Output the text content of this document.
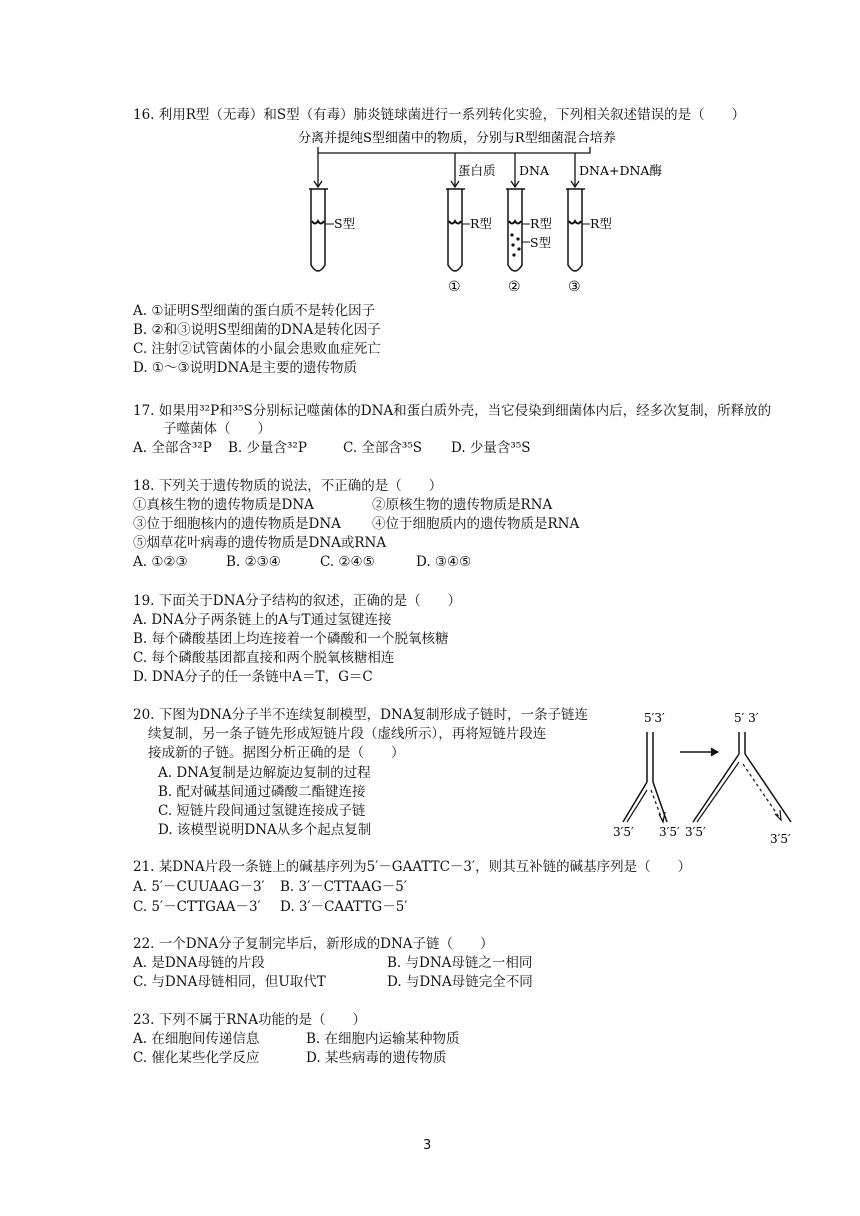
16. 利用R型（无毒）和S型（有毒）肺炎链球菌进行一系列转化实验，下列相关叙述错误的是（　　）
分离并提纯S型细菌中的物质，分别与R型细菌混合培养
蛋白质 DNA DNA+DNA酶
S型	R型	R型
S型
R型
①	②	③
A. ①证明S型细菌的蛋白质不是转化因子
B. ②和③说明S型细菌的DNA是转化因子
C. 注射②试管菌体的小鼠会患败血症死亡
D. ①～③说明DNA是主要的遗传物质
17. 如果用³²P和³⁵S分别标记噬菌体的DNA和蛋白质外壳，当它侵染到细菌体内后，经多次复制，所释放的
子噬菌体（　　）
A. 全部含³²P B. 少量含³²P	C. 全部含³⁵S D. 少量含³⁵S
18. 下列关于遗传物质的说法，不正确的是（　　）
①真核生物的遗传物质是DNA	②原核生物的遗传物质是RNA
③位于细胞核内的遗传物质是DNA ④位于细胞质内的遗传物质是RNA
⑤烟草花叶病毒的遗传物质是DNA或RNA
A. ①②③	B. ②③④	C. ②④⑤	D. ③④⑤
19. 下面关于DNA分子结构的叙述，正确的是（　　）
A. DNA分子两条链上的A与T通过氢键连接
B. 每个磷酸基团上均连接着一个磷酸和一个脱氧核糖
C. 每个磷酸基团都直接和两个脱氧核糖相连
D. DNA分子的任一条链中A＝T，G＝C
20. 下图为DNA分子半不连续复制模型，DNA复制形成子链时，一条子链连
续复制，另一条子链先形成短链片段（虚线所示），再将短链片段连
接成新的子链。据图分析正确的是（　　）
A. DNA复制是边解旋边复制的过程
B. 配对碱基间通过磷酸二酯键连接
C. 短链片段间通过氢键连接成子链
D. 该模型说明DNA从多个起点复制
5′3′	5′ 3′
3′5′ 3′5′ 3′5′	3′5′
21. 某DNA片段一条链上的碱基序列为5′－GAATTC－3′，则其互补链的碱基序列是（　　）
A. 5′－CUUAAG－3′ B. 3′－CTTAAG－5′
C. 5′－CTTGAA－3′ D. 3′－CAATTG－5′
22. 一个DNA分子复制完毕后，新形成的DNA子链（　　）
A. 是DNA母链的片段	B. 与DNA母链之一相同
C. 与DNA母链相同，但U取代T	D. 与DNA母链完全不同
23. 下列不属于RNA功能的是（　　）
A. 在细胞间传递信息	B. 在细胞内运输某种物质
C. 催化某些化学反应	D. 某些病毒的遗传物质
3
